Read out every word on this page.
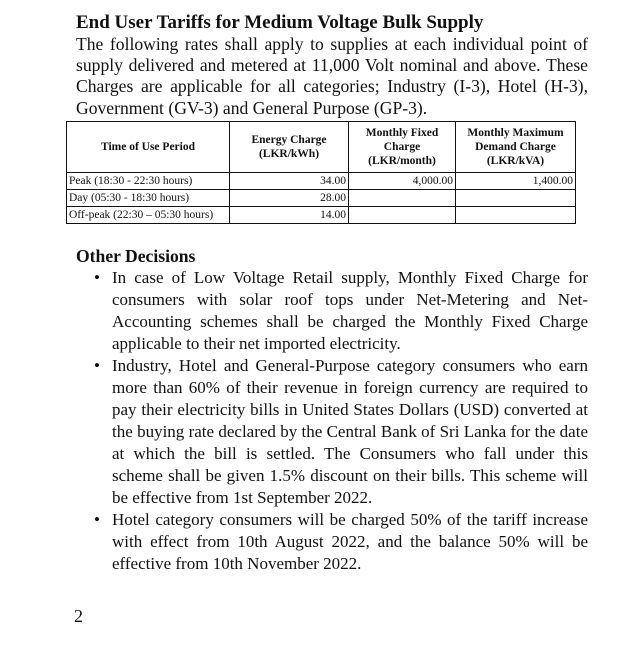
End User Tariffs for Medium Voltage Bulk Supply

The following rates shall apply to supplies at each individual point of supply delivered and metered at 11,000 Volt nominal and above. These Charges are applicable for all categories; Industry (I-3), Hotel (H-3), Government (GV-3) and General Purpose (GP-3).

Time of Use Period	Energy Charge (LKR/kWh)	Monthly Fixed Charge (LKR/month)	Monthly Maximum Demand Charge (LKR/kVA)
Peak (18:30 - 22:30 hours)	34.00	4,000.00	1,400.00
Day (05:30 - 18:30 hours)	28.00		
Off-peak (22:30 – 05:30 hours)	14.00		
Other Decisions
• In case of Low Voltage Retail supply, Monthly Fixed Charge for consumers with solar roof tops under Net-Metering and Net-Accounting schemes shall be charged the Monthly Fixed Charge applicable to their net imported electricity.
• Industry, Hotel and General-Purpose category consumers who earn more than 60% of their revenue in foreign currency are required to pay their electricity bills in United States Dollars (USD) converted at the buying rate declared by the Central Bank of Sri Lanka for the date at which the bill is settled. The Consumers who fall under this scheme shall be given 1.5% discount on their bills. This scheme will be effective from 1st September 2022.
• Hotel category consumers will be charged 50% of the tariff increase with effect from 10th August 2022, and the balance 50% will be effective from 10th November 2022.
2
